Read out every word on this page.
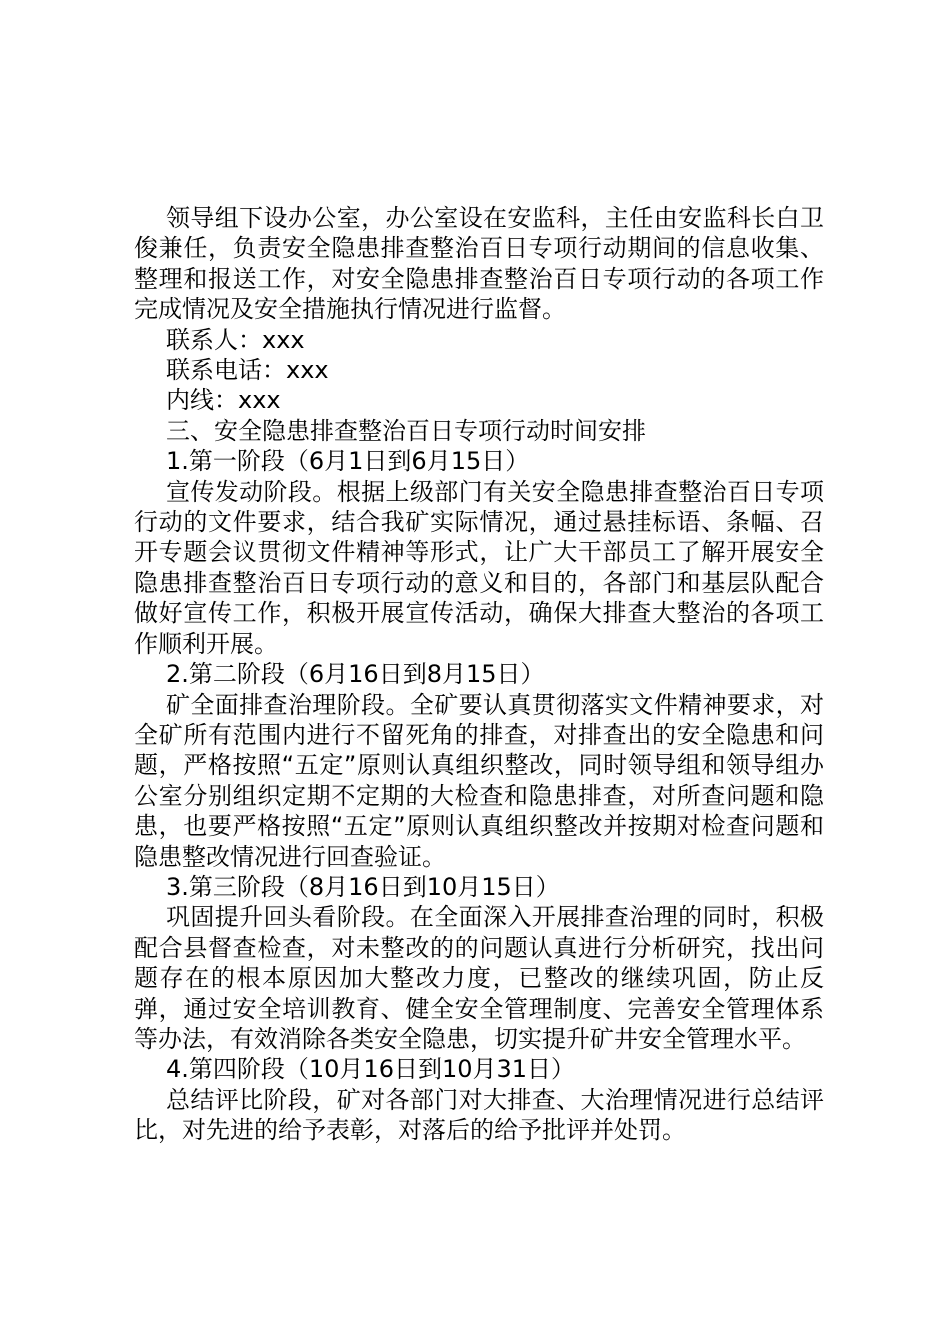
领导组下设办公室，办公室设在安监科，主任由安监科长白卫俊兼任，负责安全隐患排查整治百日专项行动期间的信息收集、整理和报送工作，对安全隐患排查整治百日专项行动的各项工作完成情况及安全措施执行情况进行监督。

联系人：xxx

联系电话：xxx

内线：xxx

三、安全隐患排查整治百日专项行动时间安排

1.第一阶段（6月1日到6月15日）

宣传发动阶段。根据上级部门有关安全隐患排查整治百日专项行动的文件要求，结合我矿实际情况，通过悬挂标语、条幅、召开专题会议贯彻文件精神等形式，让广大干部员工了解开展安全隐患排查整治百日专项行动的意义和目的，各部门和基层队配合做好宣传工作，积极开展宣传活动，确保大排查大整治的各项工作顺利开展。

2.第二阶段（6月16日到8月15日）

矿全面排查治理阶段。全矿要认真贯彻落实文件精神要求，对全矿所有范围内进行不留死角的排查，对排查出的安全隐患和问题，严格按照“五定”原则认真组织整改，同时领导组和领导组办公室分别组织定期不定期的大检查和隐患排查，对所查问题和隐患，也要严格按照“五定”原则认真组织整改并按期对检查问题和隐患整改情况进行回查验证。

3.第三阶段（8月16日到10月15日）

巩固提升回头看阶段。在全面深入开展排查治理的同时，积极配合县督查检查，对未整改的的问题认真进行分析研究，找出问题存在的根本原因加大整改力度，已整改的继续巩固，防止反弹，通过安全培训教育、健全安全管理制度、完善安全管理体系等办法，有效消除各类安全隐患，切实提升矿井安全管理水平。

4.第四阶段（10月16日到10月31日）

总结评比阶段，矿对各部门对大排查、大治理情况进行总结评比，对先进的给予表彰，对落后的给予批评并处罚。
